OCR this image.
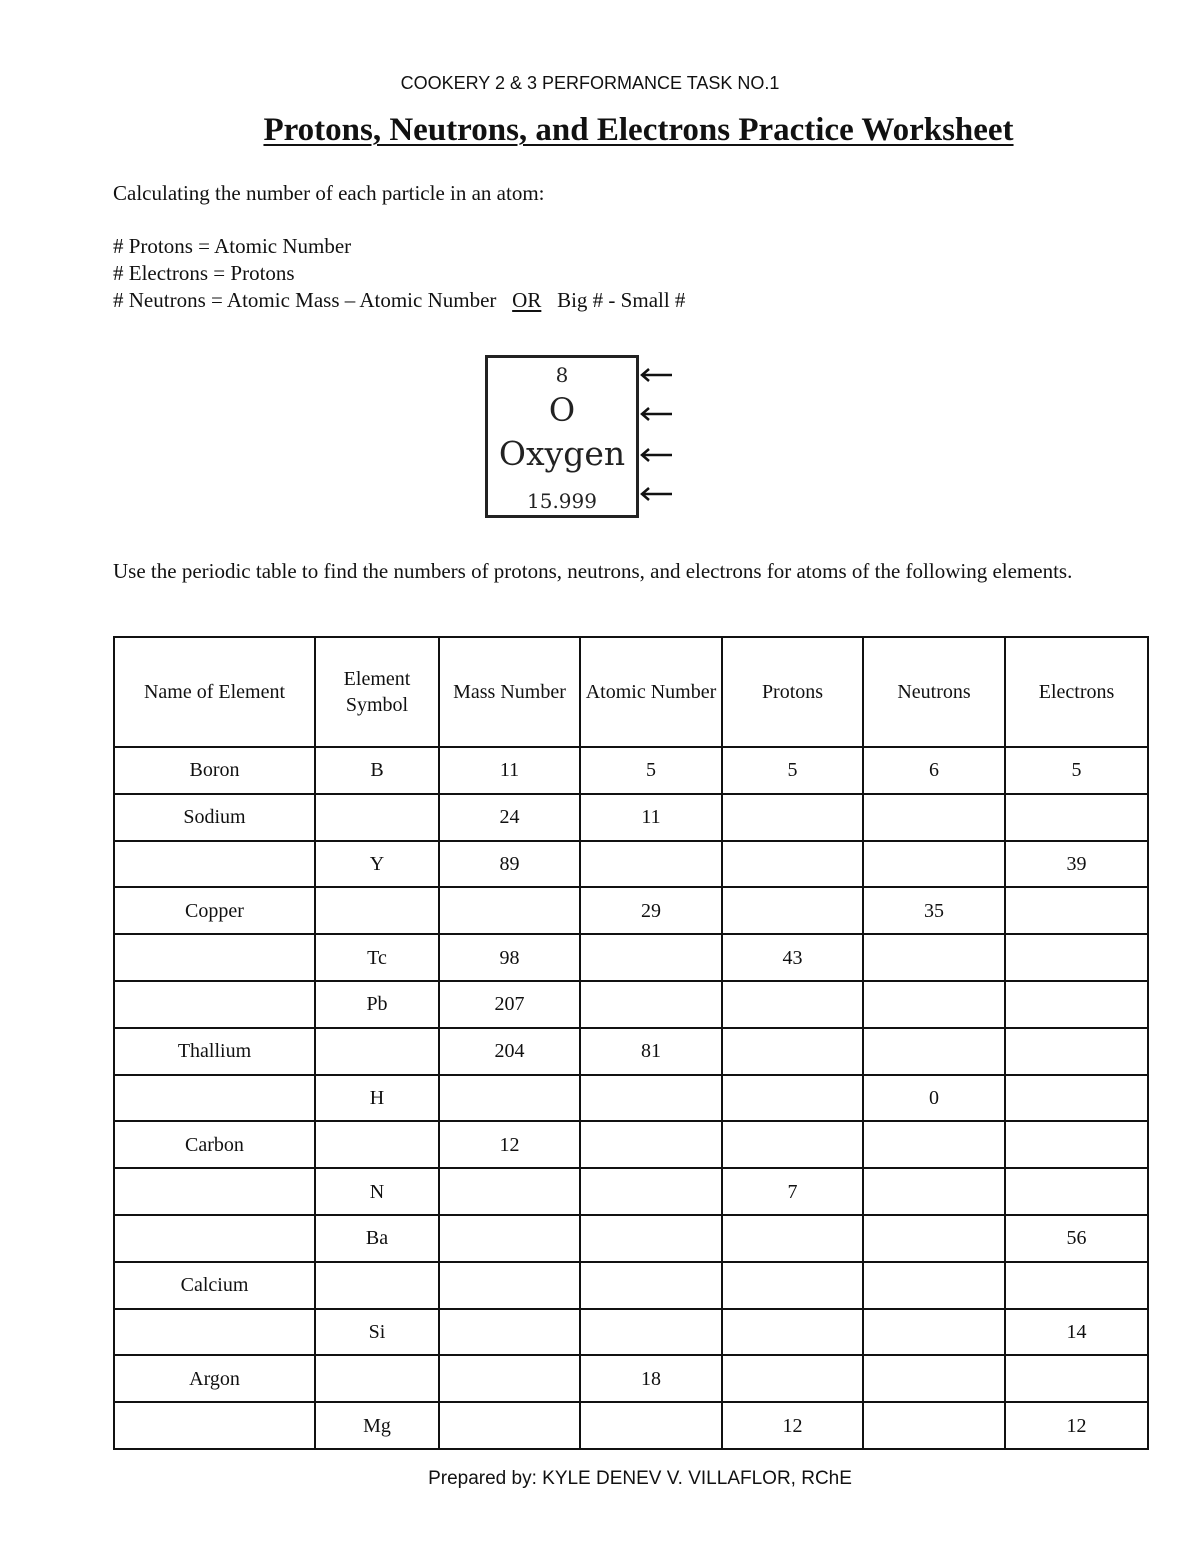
COOKERY 2 & 3 PERFORMANCE TASK NO.1
Protons, Neutrons, and Electrons Practice Worksheet
Calculating the number of each particle in an atom:
# Protons = Atomic Number
# Electrons = Protons
# Neutrons = Atomic Mass – Atomic Number OR Big # - Small #
8
O
Oxygen
15.999
Use the periodic table to find the numbers of protons, neutrons, and electrons for atoms of the following elements.
Name of Element	Element Symbol	Mass Number	Atomic Number	Protons	Neutrons	Electrons
Boron	B	11	5	5	6	5
Sodium		24	11			
	Y	89				39
Copper			29		35	
	Tc	98		43		
	Pb	207				
Thallium		204	81			
	H				0	
Carbon		12				
	N			7		
	Ba					56
Calcium						
	Si					14
Argon			18			
	Mg			12		12
Prepared by: KYLE DENEV V. VILLAFLOR, RChE
